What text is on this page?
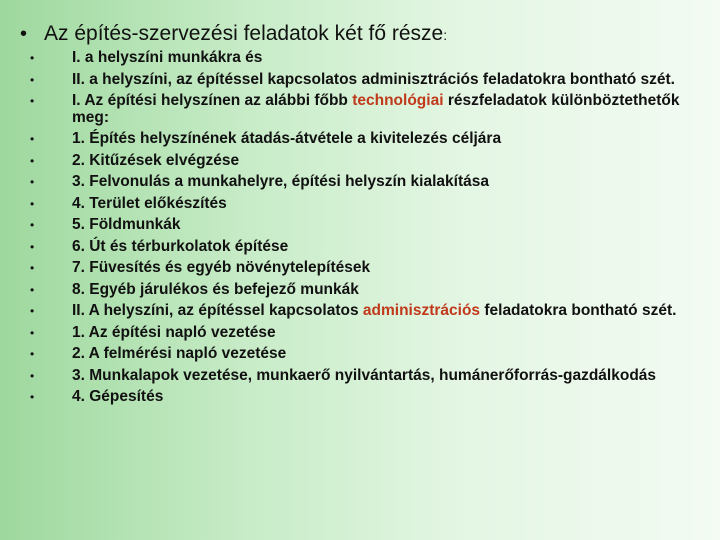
• Az építés-szervezési feladatok két fő része :
•	I. a helyszíni munkákra és
•	II. a helyszíni, az építéssel kapcsolatos adminisztrációs feladatokra bontható szét.
•	I. Az építési helyszínen az alábbi főbb technológiai részfeladatok különböztethetők meg:
•	1. Építés helyszínének átadás-átvétele a kivitelezés céljára
•	2. Kitűzések elvégzése
•	3. Felvonulás a munkahelyre, építési helyszín kialakítása
•	4. Terület előkészítés
•	5. Földmunkák
•	6. Út és térburkolatok építése
•	7. Füvesítés és egyéb növénytelepítések
•	8. Egyéb járulékos és befejező munkák
•	II. A helyszíni, az építéssel kapcsolatos adminisztrációs feladatokra bontható szét.
•	1. Az építési napló vezetése
•	2. A felmérési napló vezetése
•	3. Munkalapok vezetése, munkaerő nyilvántartás, humánerőforrás-gazdálkodás
•	4. Gépesítés
